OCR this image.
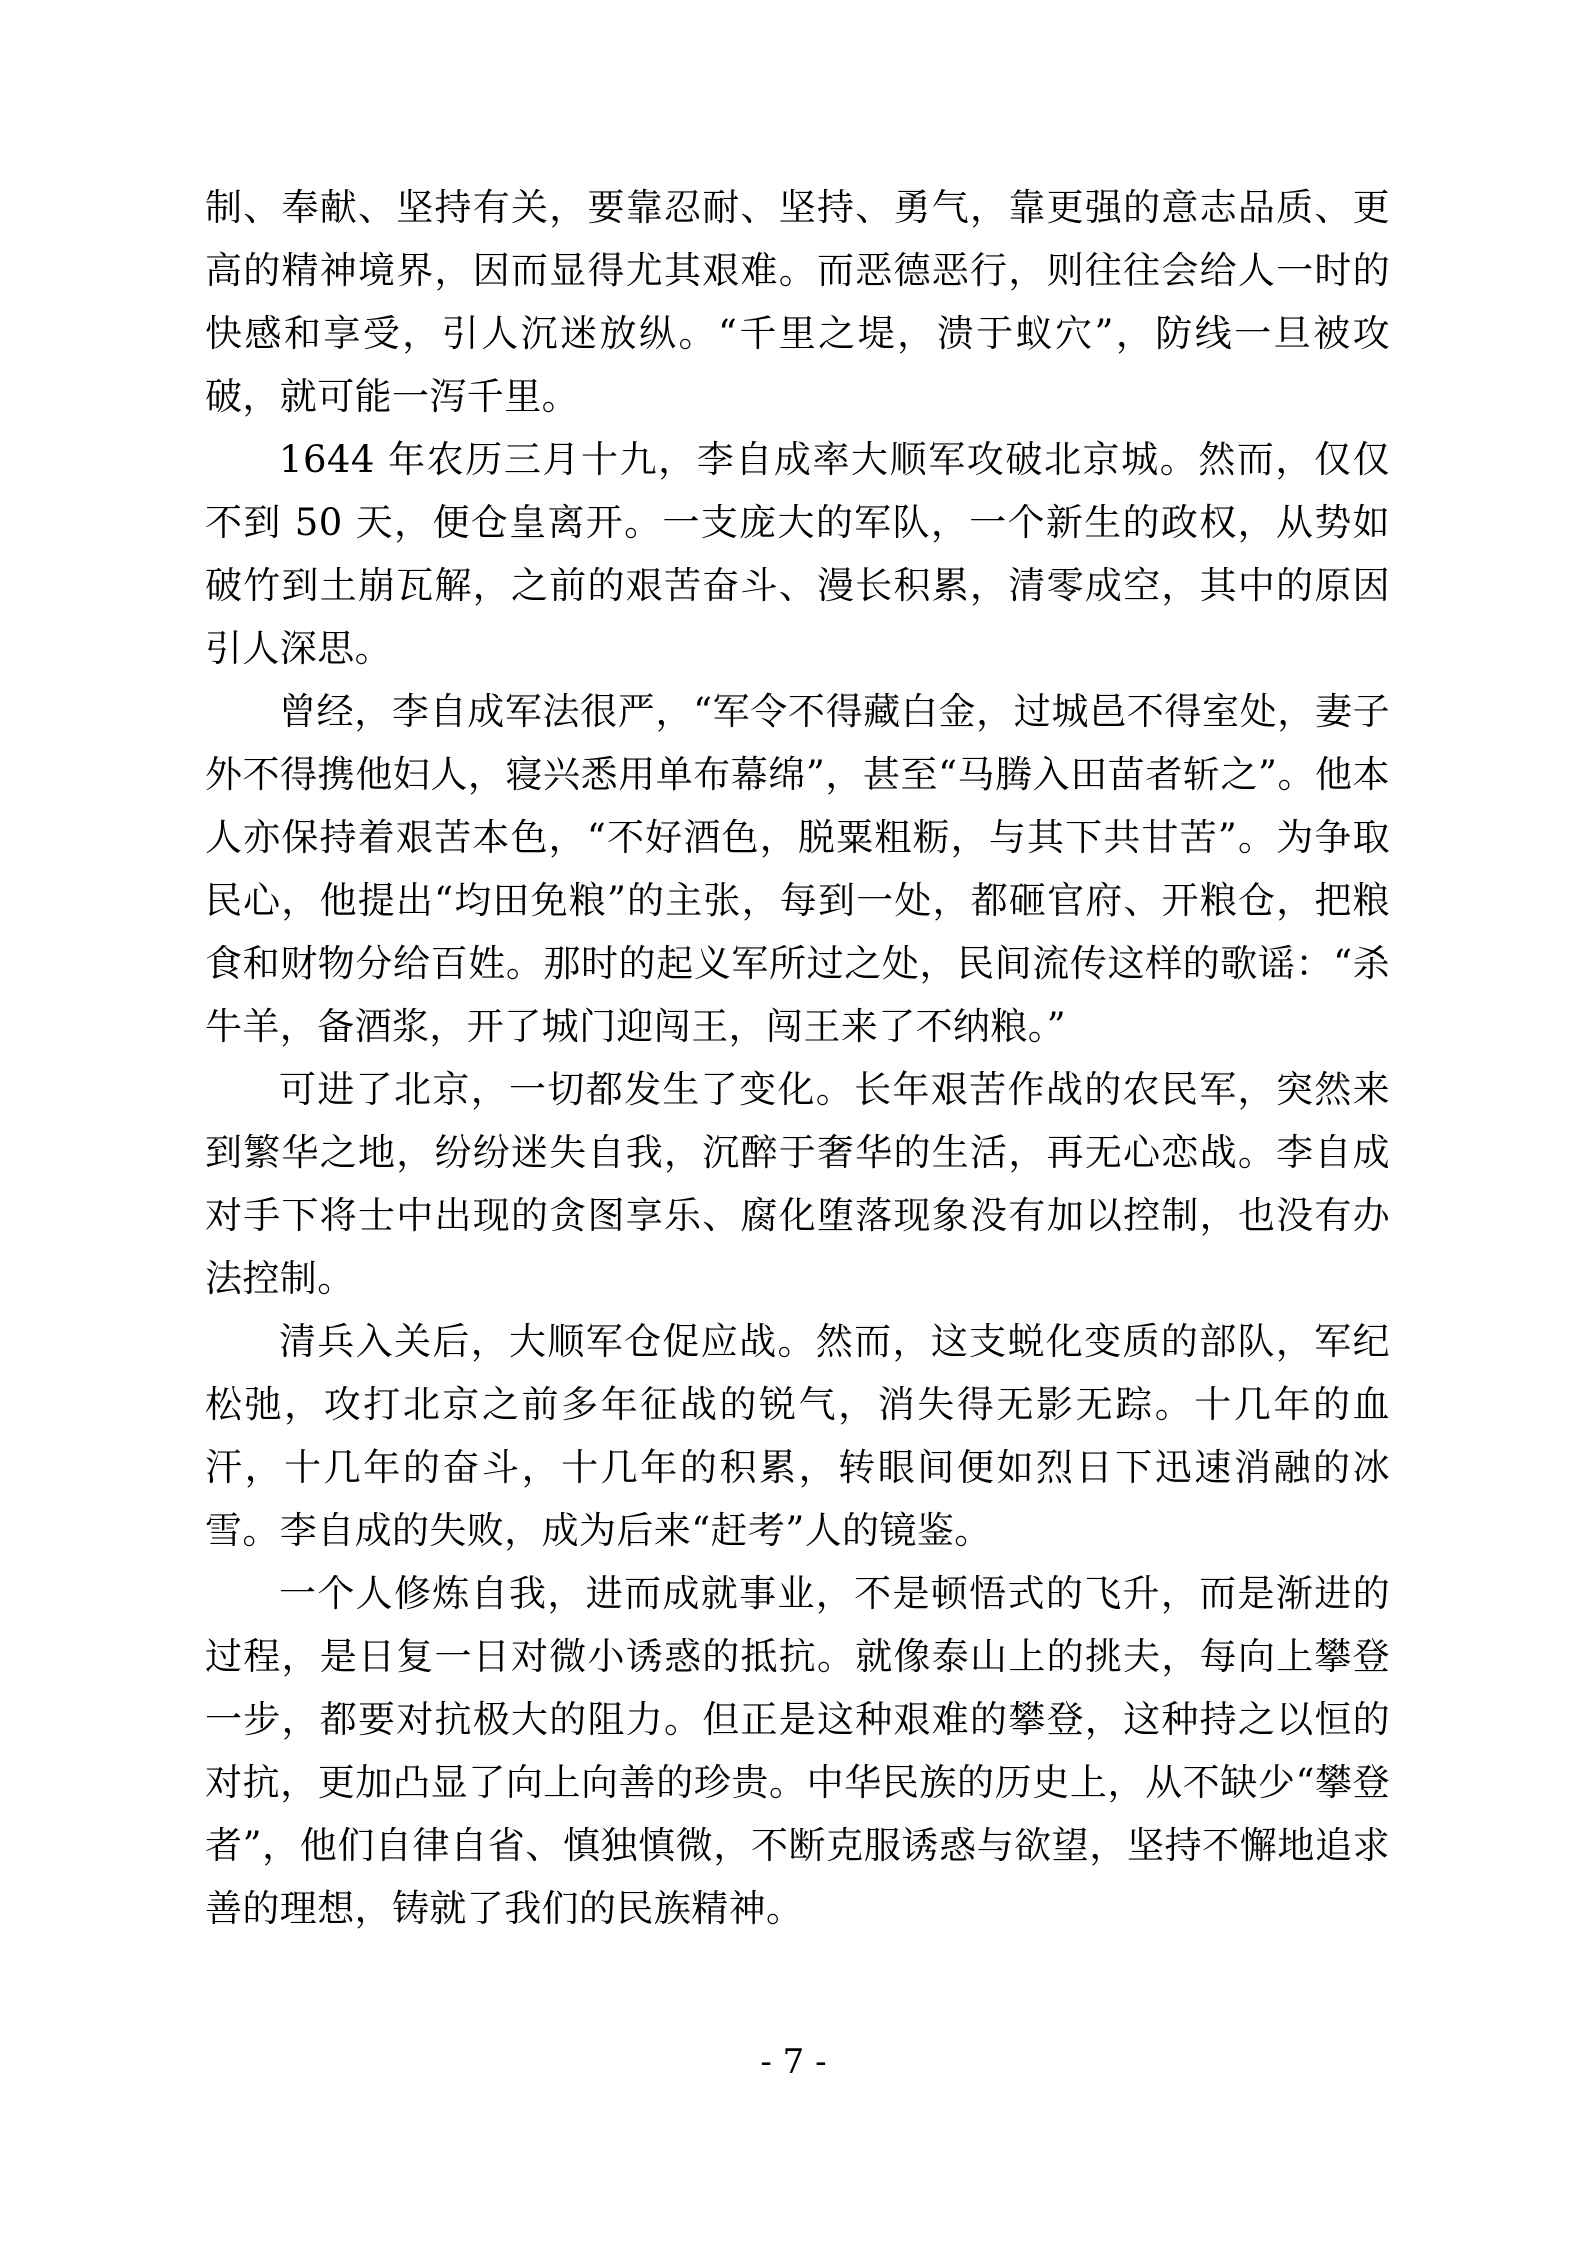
制、奉献、坚持有关，要靠忍耐、坚持、勇气，靠更强的意志品质、更高的精神境界，因而显得尤其艰难。而恶德恶行，则往往会给人一时的快感和享受，引人沉迷放纵。“千里之堤，溃于蚁穴”，防线一旦被攻破，就可能一泻千里。

1644 年农历三月十九，李自成率大顺军攻破北京城。然而，仅仅不到 50 天，便仓皇离开。一支庞大的军队，一个新生的政权，从势如破竹到土崩瓦解，之前的艰苦奋斗、漫长积累，清零成空，其中的原因引人深思。

曾经，李自成军法很严，“军令不得藏白金，过城邑不得室处，妻子外不得携他妇人，寝兴悉用单布幕绵”，甚至“马腾入田苗者斩之”。他本人亦保持着艰苦本色，“不好酒色，脱粟粗粝，与其下共甘苦”。为争取民心，他提出“均田免粮”的主张，每到一处，都砸官府、开粮仓，把粮食和财物分给百姓。那时的起义军所过之处，民间流传这样的歌谣：“杀牛羊，备酒浆，开了城门迎闯王，闯王来了不纳粮。”

可进了北京，一切都发生了变化。长年艰苦作战的农民军，突然来到繁华之地，纷纷迷失自我，沉醉于奢华的生活，再无心恋战。李自成对手下将士中出现的贪图享乐、腐化堕落现象没有加以控制，也没有办法控制。

清兵入关后，大顺军仓促应战。然而，这支蜕化变质的部队，军纪松弛，攻打北京之前多年征战的锐气，消失得无影无踪。十几年的血汗，十几年的奋斗，十几年的积累，转眼间便如烈日下迅速消融的冰雪。李自成的失败，成为后来“赶考”人的镜鉴。

一个人修炼自我，进而成就事业，不是顿悟式的飞升，而是渐进的过程，是日复一日对微小诱惑的抵抗。就像泰山上的挑夫，每向上攀登一步，都要对抗极大的阻力。但正是这种艰难的攀登，这种持之以恒的对抗，更加凸显了向上向善的珍贵。中华民族的历史上，从不缺少“攀登者”，他们自律自省、慎独慎微，不断克服诱惑与欲望，坚持不懈地追求善的理想，铸就了我们的民族精神。

- 7 -
